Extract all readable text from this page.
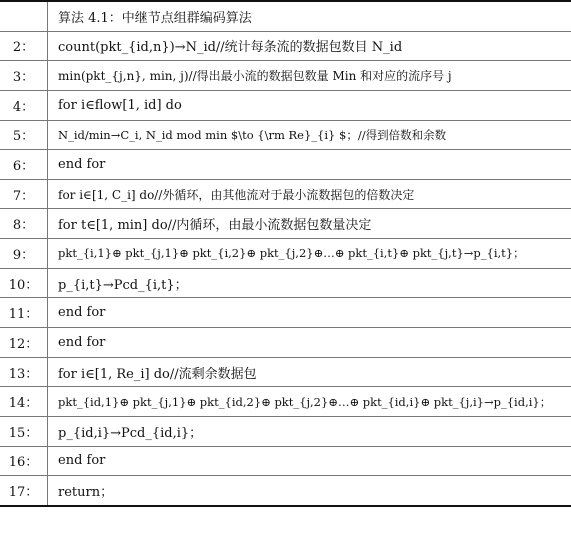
	算法 4.1：中继节点组群编码算法
2：	count(pkt_{id,n})→N_id//统计每条流的数据包数目 N_id
3：	min(pkt_{j,n}, min, j)//得出最小流的数据包数量 Min 和对应的流序号 j
4：	for i∈flow[1, id] do
5：	N_id/min→C_i, N_id mod min $\to {\rm Re}_{i} $；//得到倍数和余数
6：	end for
7：	for i∈[1, C_i] do//外循环，由其他流对于最小流数据包的倍数决定
8：	for t∈[1, min] do//内循环，由最小流数据包数量决定
9：	pkt_{i,1}⊕ pkt_{j,1}⊕ pkt_{i,2}⊕ pkt_{j,2}⊕…⊕ pkt_{i,t}⊕ pkt_{j,t}→p_{i,t}；
10：	p_{i,t}→Pcd_{i,t}；
11：	end for
12：	end for
13：	for i∈[1, Re_i] do//流剩余数据包
14：	pkt_{id,1}⊕ pkt_{j,1}⊕ pkt_{id,2}⊕ pkt_{j,2}⊕…⊕ pkt_{id,i}⊕ pkt_{j,i}→p_{id,i}；
15：	p_{id,i}→Pcd_{id,i}；
16：	end for
17：	return；
